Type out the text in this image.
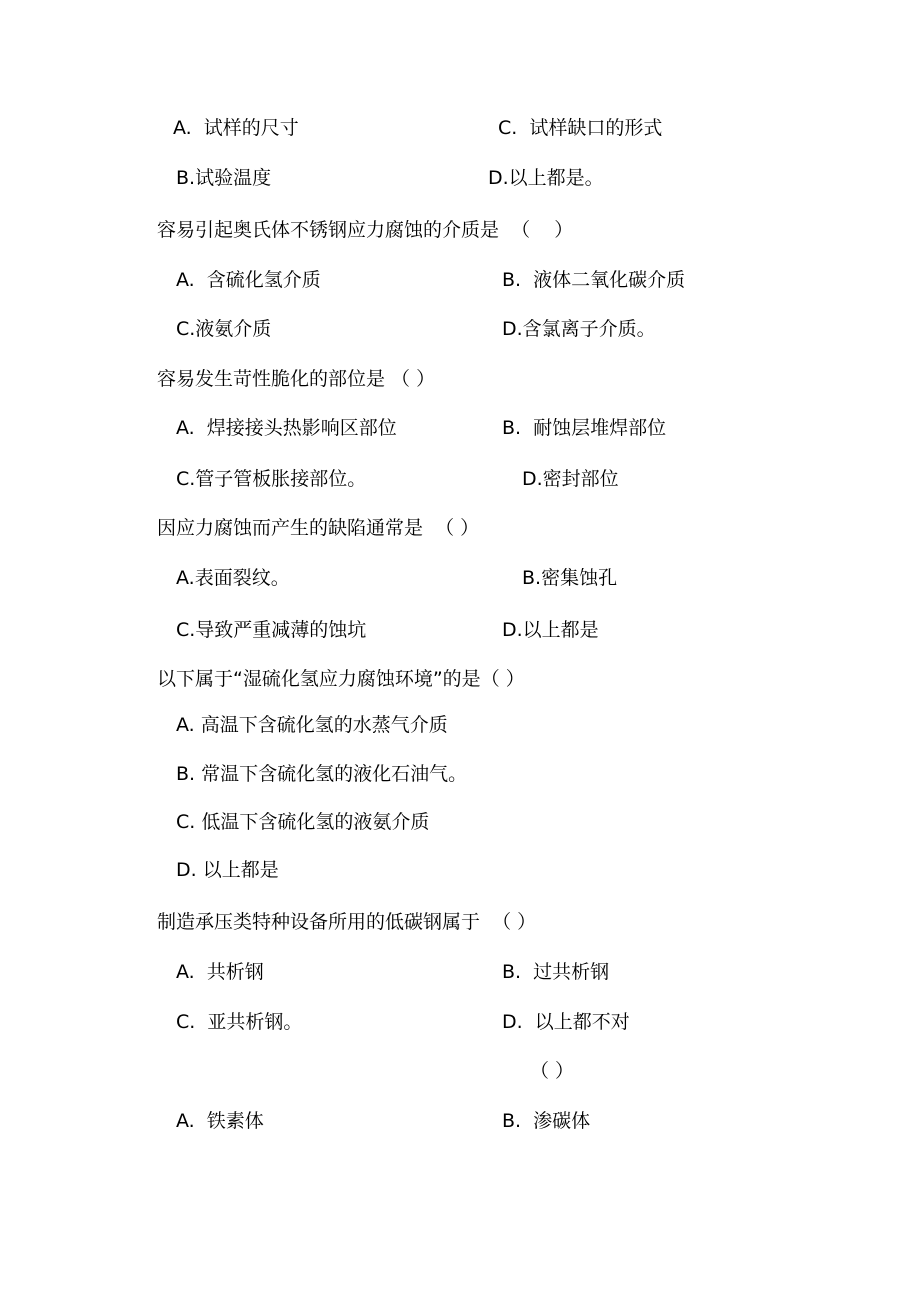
A.  试样的尺寸	C.  试样缺口的形式
B.试验温度	D.以上都是。
容易引起奥氏体不锈钢应力腐蚀的介质是  （    ）
A.  含硫化氢介质	B.  液体二氧化碳介质
C.液氨介质	D.含氯离子介质。
容易发生苛性脆化的部位是 （ ）
A.  焊接接头热影响区部位	B.  耐蚀层堆焊部位
C.管子管板胀接部位。	D.密封部位
因应力腐蚀而产生的缺陷通常是  （ ）
A.表面裂纹。	B.密集蚀孔
C.导致严重减薄的蚀坑	D.以上都是
以下属于“湿硫化氢应力腐蚀环境”的是（ ）
A. 高温下含硫化氢的水蒸气介质
B. 常温下含硫化氢的液化石油气。
C. 低温下含硫化氢的液氨介质
D. 以上都是
制造承压类特种设备所用的低碳钢属于  （ ）
A.  共析钢	B.  过共析钢
C.  亚共析钢。	D.  以上都不对
（ ）
A.  铁素体	B.  渗碳体
